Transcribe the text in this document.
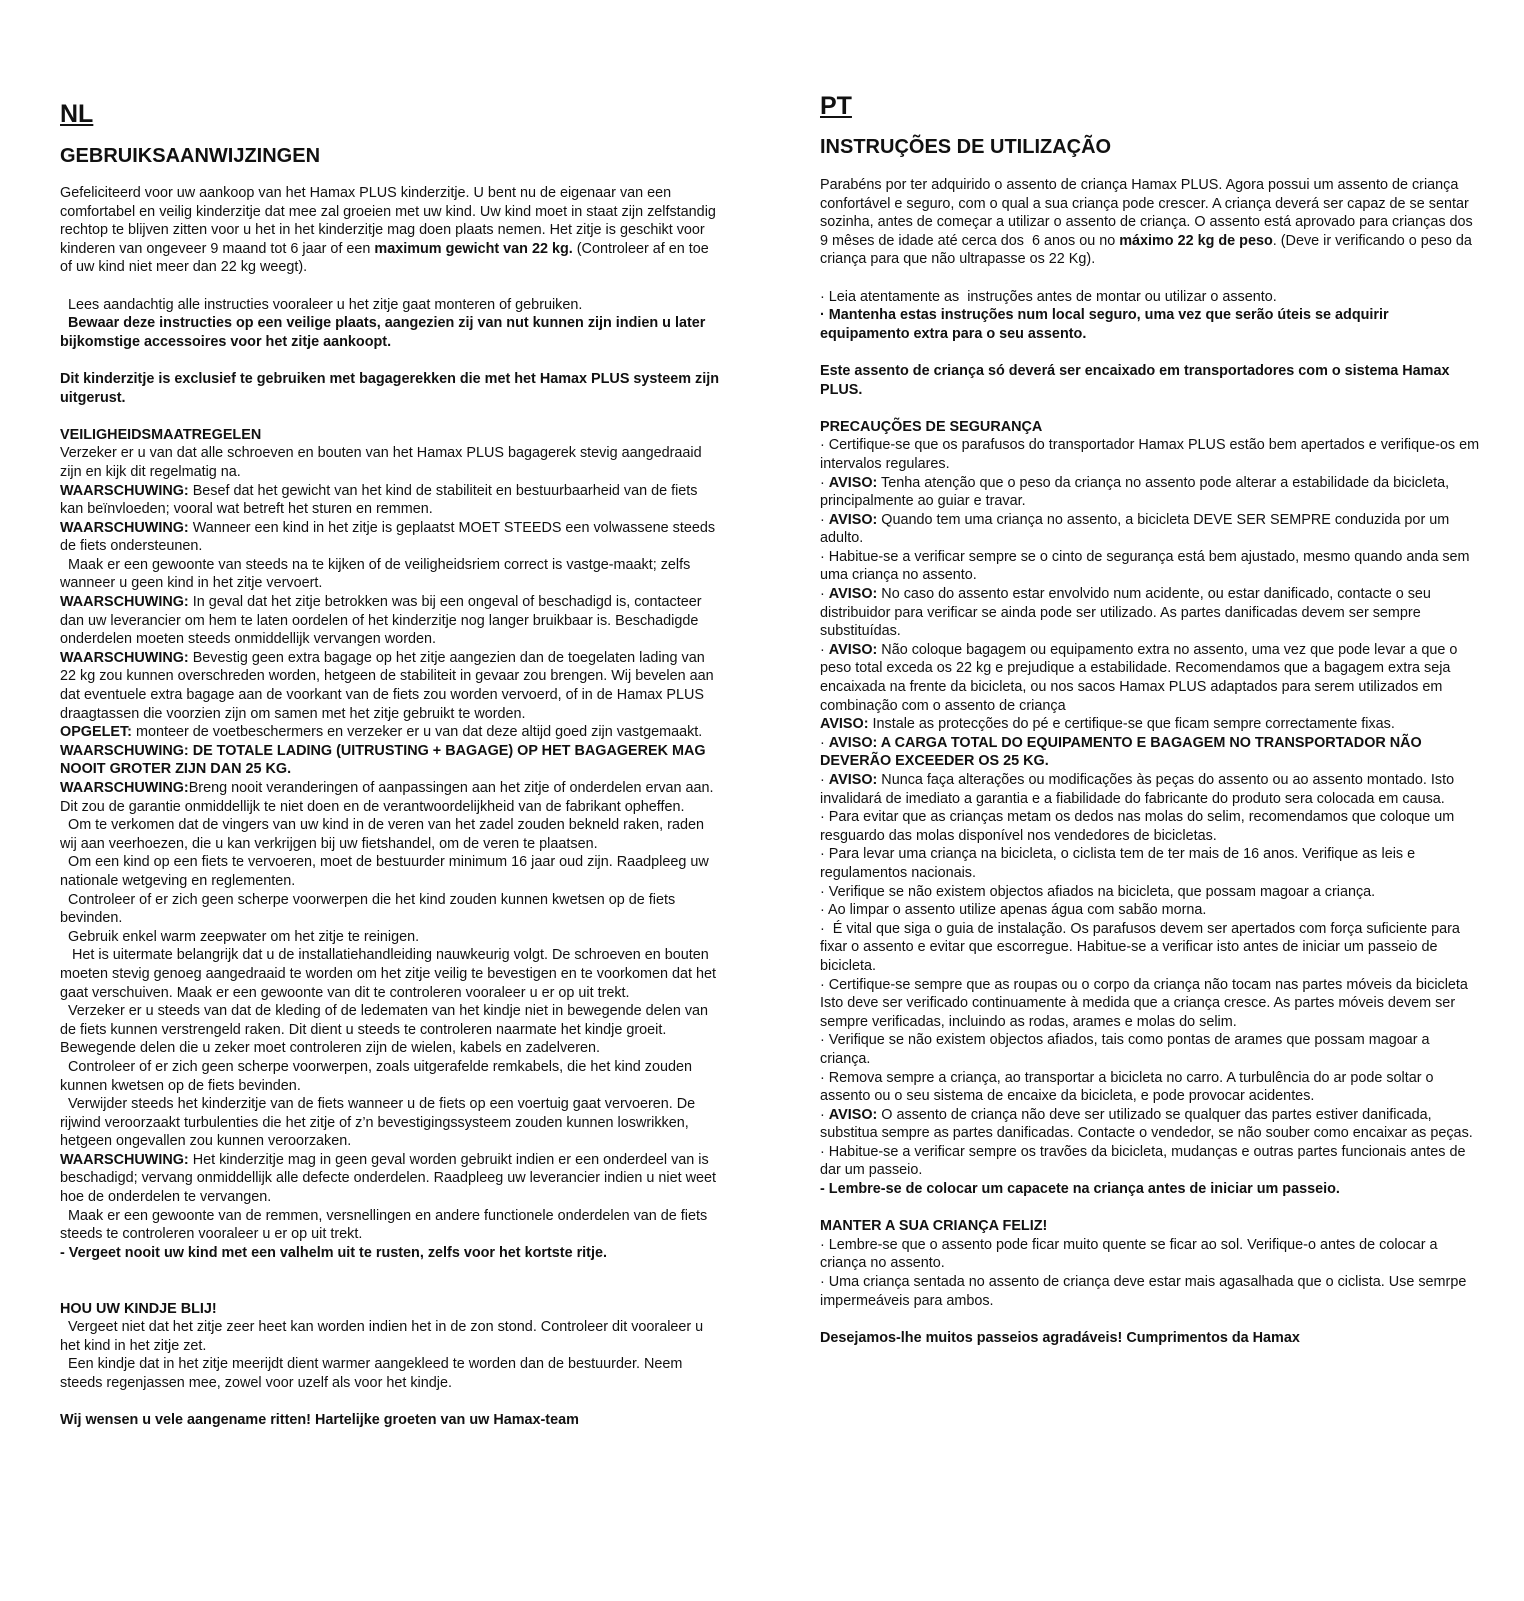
NL
GEBRUIKSAANWIJZINGEN
Gefeliciteerd voor uw aankoop van het Hamax PLUS kinderzitje. U bent nu de eigenaar van een comfortabel en veilig kinderzitje dat mee zal groeien met uw kind. Uw kind moet in staat zijn zelfstandig rechtop te blijven zitten voor u het in het kinderzitje mag doen plaats nemen. Het zitje is geschikt voor kinderen van ongeveer 9 maand tot 6 jaar of een maximum gewicht van 22 kg. (Controleer af en toe of uw kind niet meer dan 22 kg weegt).
Lees aandachtig alle instructies vooraleer u het zitje gaat monteren of gebruiken.
Bewaar deze instructies op een veilige plaats, aangezien zij van nut kunnen zijn indien u later bijkomstige accessoires voor het zitje aankoopt.
Dit kinderzitje is exclusief te gebruiken met bagagerekken die met het Hamax PLUS systeem zijn uitgerust.
VEILIGHEIDSMAATREGELEN
Verzeker er u van dat alle schroeven en bouten van het Hamax PLUS bagagerek stevig aangedraaid zijn en kijk dit regelmatig na.
WAARSCHUWING: Besef dat het gewicht van het kind de stabiliteit en bestuurbaarheid van de fiets kan beïnvloeden; vooral wat betreft het sturen en remmen.
WAARSCHUWING: Wanneer een kind in het zitje is geplaatst MOET STEEDS een volwassene steeds de fiets ondersteunen.
Maak er een gewoonte van steeds na te kijken of de veiligheidsriem correct is vastge-maakt; zelfs wanneer u geen kind in het zitje vervoert.
WAARSCHUWING: In geval dat het zitje betrokken was bij een ongeval of beschadigd is, contacteer dan uw leverancier om hem te laten oordelen of het kinderzitje nog langer bruikbaar is. Beschadigde onderdelen moeten steeds onmiddellijk vervangen worden.
WAARSCHUWING: Bevestig geen extra bagage op het zitje aangezien dan de toegelaten lading van 22 kg zou kunnen overschreden worden, hetgeen de stabiliteit in gevaar zou brengen. Wij bevelen aan dat eventuele extra bagage aan de voorkant van de fiets zou worden vervoerd, of in de Hamax PLUS draagtassen die voorzien zijn om samen met het zitje gebruikt te worden.
OPGELET: monteer de voetbeschermers en verzeker er u van dat deze altijd goed zijn vastgemaakt.
WAARSCHUWING: DE TOTALE LADING (UITRUSTING + BAGAGE) OP HET BAGAGEREK MAG NOOIT GROTER ZIJN DAN 25 KG.
WAARSCHUWING:Breng nooit veranderingen of aanpassingen aan het zitje of onderdelen ervan aan.
Dit zou de garantie onmiddellijk te niet doen en de verantwoordelijkheid van de fabrikant opheffen.
Om te verkomen dat de vingers van uw kind in de veren van het zadel zouden bekneld raken, raden wij aan veerhoezen, die u kan verkrijgen bij uw fietshandel, om de veren te plaatsen.
Om een kind op een fiets te vervoeren, moet de bestuurder minimum 16 jaar oud zijn. Raadpleeg uw nationale wetgeving en reglementen.
Controleer of er zich geen scherpe voorwerpen die het kind zouden kunnen kwetsen op de fiets bevinden.
Gebruik enkel warm zeepwater om het zitje te reinigen.
Het is uitermate belangrijk dat u de installatiehandleiding nauwkeurig volgt. De schroeven en bouten moeten stevig genoeg aangedraaid te worden om het zitje veilig te bevestigen en te voorkomen dat het gaat verschuiven. Maak er een gewoonte van dit te controleren vooraleer u er op uit trekt.
Verzeker er u steeds van dat de kleding of de ledematen van het kindje niet in bewegende delen van de fiets kunnen verstrengeld raken. Dit dient u steeds te controleren naarmate het kindje groeit. Bewegende delen die u zeker moet controleren zijn de wielen, kabels en zadelveren.
Controleer of er zich geen scherpe voorwerpen, zoals uitgerafelde remkabels, die het kind zouden kunnen kwetsen op de fiets bevinden.
Verwijder steeds het kinderzitje van de fiets wanneer u de fiets op een voertuig gaat vervoeren. De rijwind veroorzaakt turbulenties die het zitje of z’n bevestigingssysteem zouden kunnen loswrikken, hetgeen ongevallen zou kunnen veroorzaken.
WAARSCHUWING: Het kinderzitje mag in geen geval worden gebruikt indien er een onderdeel van is beschadigd; vervang onmiddellijk alle defecte onderdelen. Raadpleeg uw leverancier indien u niet weet hoe de onderdelen te vervangen.
Maak er een gewoonte van de remmen, versnellingen en andere functionele onderdelen van de fiets steeds te controleren vooraleer u er op uit trekt.
- Vergeet nooit uw kind met een valhelm uit te rusten, zelfs voor het kortste ritje.
HOU UW KINDJE BLIJ!
Vergeet niet dat het zitje zeer heet kan worden indien het in de zon stond. Controleer dit vooraleer u het kind in het zitje zet.
Een kindje dat in het zitje meerijdt dient warmer aangekleed te worden dan de bestuurder. Neem steeds regenjassen mee, zowel voor uzelf als voor het kindje.
Wij wensen u vele aangename ritten! Hartelijke groeten van uw Hamax-team
PT
INSTRUÇÕES DE UTILIZAÇÃO
Parabéns por ter adquirido o assento de criança Hamax PLUS. Agora possui um assento de criança confortável e seguro, com o qual a sua criança pode crescer. A criança deverá ser capaz de se sentar sozinha, antes de começar a utilizar o assento de criança. O assento está aprovado para crianças dos 9 mêses de idade até cerca dos  6 anos ou no máximo 22 kg de peso. (Deve ir verificando o peso da criança para que não ultrapasse os 22 Kg).
· Leia atentamente as  instruções antes de montar ou utilizar o assento.
· Mantenha estas instruções num local seguro, uma vez que serão úteis se adquirir equipamento extra para o seu assento.
Este assento de criança só deverá ser encaixado em transportadores com o sistema Hamax PLUS.
PRECAUÇÕES DE SEGURANÇA
· Certifique-se que os parafusos do transportador Hamax PLUS estão bem apertados e verifique-os em intervalos regulares.
· AVISO: Tenha atenção que o peso da criança no assento pode alterar a estabilidade da bicicleta, principalmente ao guiar e travar.
· AVISO: Quando tem uma criança no assento, a bicicleta DEVE SER SEMPRE conduzida por um adulto.
· Habitue-se a verificar sempre se o cinto de segurança está bem ajustado, mesmo quando anda sem uma criança no assento.
· AVISO: No caso do assento estar envolvido num acidente, ou estar danificado, contacte o seu distribuidor para verificar se ainda pode ser utilizado. As partes danificadas devem ser sempre substituídas.
· AVISO: Não coloque bagagem ou equipamento extra no assento, uma vez que pode levar a que o peso total exceda os 22 kg e prejudique a estabilidade. Recomendamos que a bagagem extra seja encaixada na frente da bicicleta, ou nos sacos Hamax PLUS adaptados para serem utilizados em combinação com o assento de criança
AVISO: Instale as protecções do pé e certifique-se que ficam sempre correctamente fixas.
· AVISO: A CARGA TOTAL DO EQUIPAMENTO E BAGAGEM NO TRANSPORTADOR NÃO DEVERÃO EXCEEDER OS 25 KG.
· AVISO: Nunca faça alterações ou modificações às peças do assento ou ao assento montado. Isto invalidará de imediato a garantia e a fiabilidade do fabricante do produto sera colocada em causa.
· Para evitar que as crianças metam os dedos nas molas do selim, recomendamos que coloque um resguardo das molas disponível nos vendedores de bicicletas.
· Para levar uma criança na bicicleta, o ciclista tem de ter mais de 16 anos. Verifique as leis e regulamentos nacionais.
· Verifique se não existem objectos afiados na bicicleta, que possam magoar a criança.
· Ao limpar o assento utilize apenas água com sabão morna.
·  É vital que siga o guia de instalação. Os parafusos devem ser apertados com força suficiente para fixar o assento e evitar que escorregue. Habitue-se a verificar isto antes de iniciar um passeio de bicicleta.
· Certifique-se sempre que as roupas ou o corpo da criança não tocam nas partes móveis da bicicleta Isto deve ser verificado continuamente à medida que a criança cresce. As partes móveis devem ser sempre verificadas, incluindo as rodas, arames e molas do selim.
· Verifique se não existem objectos afiados, tais como pontas de arames que possam magoar a criança.
· Remova sempre a criança, ao transportar a bicicleta no carro. A turbulência do ar pode soltar o assento ou o seu sistema de encaixe da bicicleta, e pode provocar acidentes.
· AVISO: O assento de criança não deve ser utilizado se qualquer das partes estiver danificada, substitua sempre as partes danificadas. Contacte o vendedor, se não souber como encaixar as peças.
· Habitue-se a verificar sempre os travões da bicicleta, mudanças e outras partes funcionais antes de dar um passeio.
- Lembre-se de colocar um capacete na criança antes de iniciar um passeio.
MANTER A SUA CRIANÇA FELIZ!
· Lembre-se que o assento pode ficar muito quente se ficar ao sol. Verifique-o antes de colocar a criança no assento.
· Uma criança sentada no assento de criança deve estar mais agasalhada que o ciclista. Use semrpe impermeáveis para ambos.
Desejamos-lhe muitos passeios agradáveis! Cumprimentos da Hamax
